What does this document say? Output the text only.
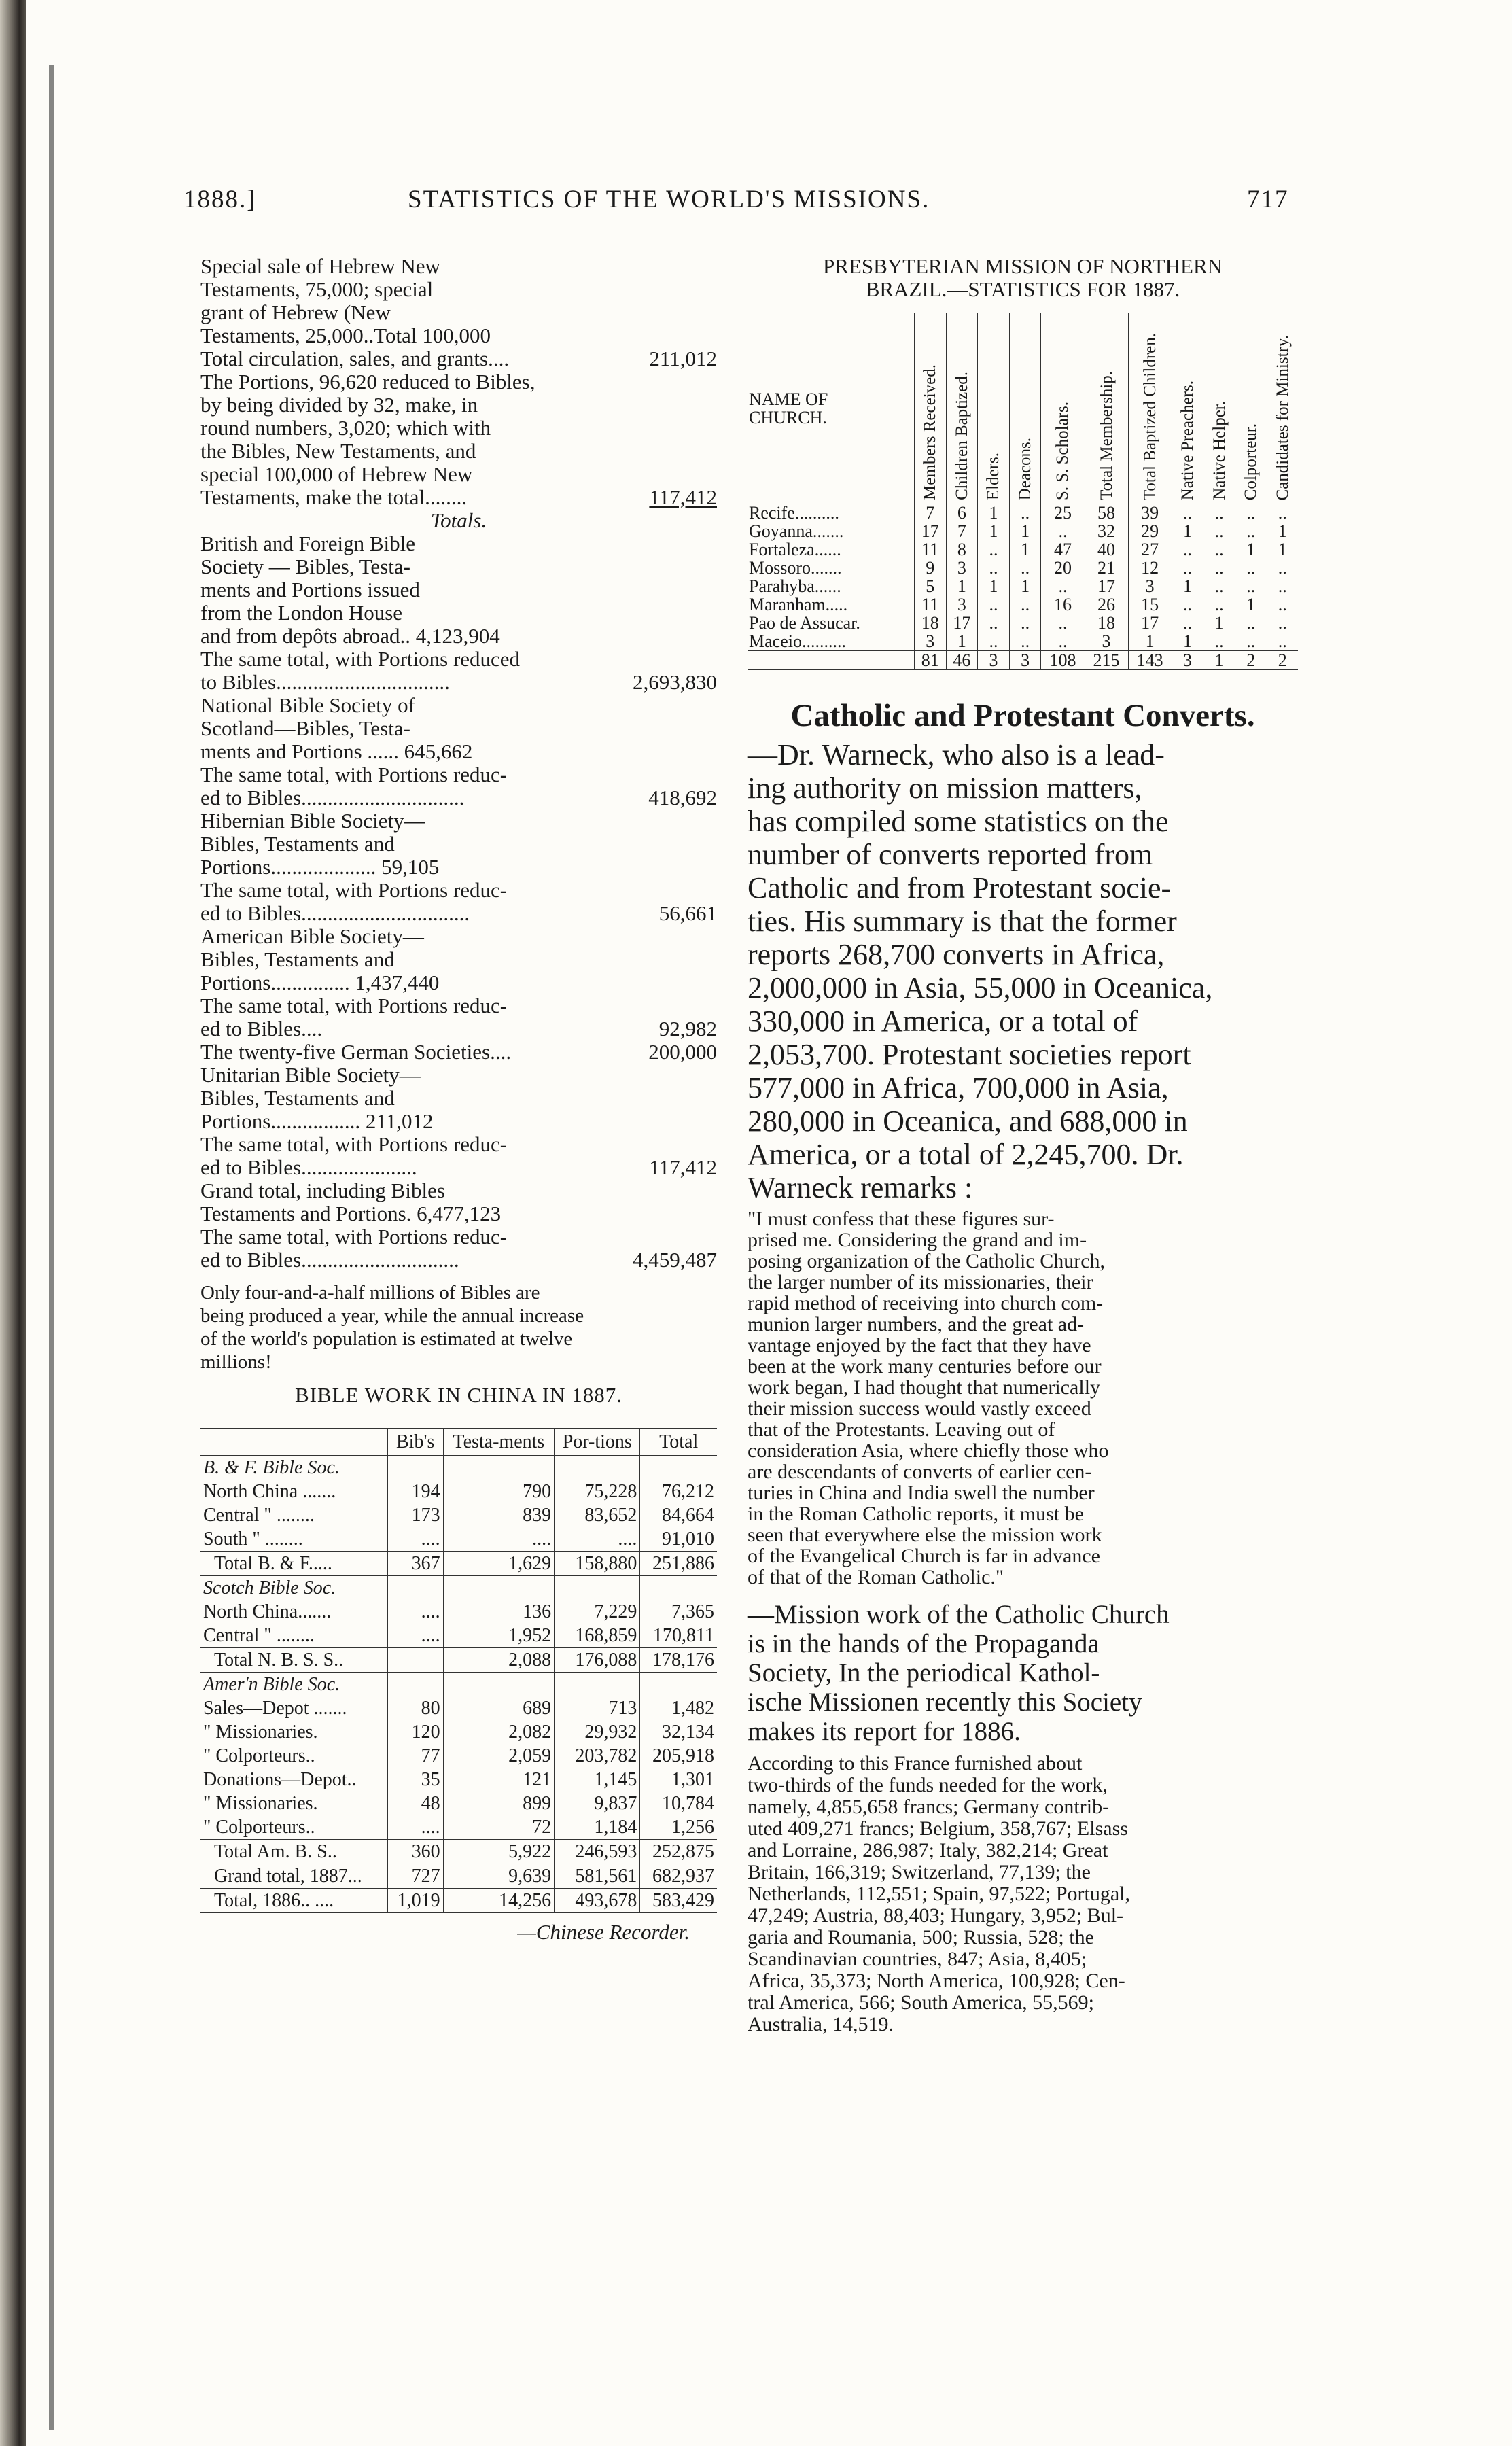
1888.]	STATISTICS OF THE WORLD'S MISSIONS.	717
Special sale of Hebrew New
Testaments, 75,000; special
grant of Hebrew (New
Testaments, 25,000..Total 100,000
Total circulation, sales, and grants....	211,012
The Portions, 96,620 reduced to Bibles,
by being divided by 32, make, in
round numbers, 3,020; which with
the Bibles, New Testaments, and
special 100,000 of Hebrew New
Testaments, make the total........	117,412
Totals.
British and Foreign Bible
Society — Bibles, Testa-
ments and Portions issued
from the London House
and from depôts abroad.. 4,123,904
The same total, with Portions reduced
to Bibles.................................	2,693,830
National Bible Society of
Scotland—Bibles, Testa-
ments and Portions ...... 645,662
The same total, with Portions reduc-
ed to Bibles...............................	418,692
Hibernian Bible Society—
Bibles, Testaments and
Portions.................... 59,105
The same total, with Portions reduc-
ed to Bibles................................	56,661
American Bible Society—
Bibles, Testaments and
Portions............... 1,437,440
The same total, with Portions reduc-
ed to Bibles....	92,982
The twenty-five German Societies....	200,000
Unitarian Bible Society—
Bibles, Testaments and
Portions................. 211,012
The same total, with Portions reduc-
ed to Bibles......................	117,412
Grand total, including Bibles
Testaments and Portions. 6,477,123
The same total, with Portions reduc-
ed to Bibles..............................	4,459,487
Only four-and-a-half millions of Bibles are
being produced a year, while the annual increase
of the world's population is estimated at twelve
millions!
BIBLE WORK IN CHINA IN 1887.
	Bib's	Testa-ments	Por-tions	Total
B. & F. Bible Soc.				
North China .......	194	790	75,228	76,212
Central " ........	173	839	83,652	84,664
South " ........	....	....	....	91,010
Total B. & F.....	367	1,629	158,880	251,886
Scotch Bible Soc.				
North China.......	....	136	7,229	7,365
Central " ........	....	1,952	168,859	170,811
Total N. B. S. S..		2,088	176,088	178,176
Amer'n Bible Soc.				
Sales—Depot .......	80	689	713	1,482
" Missionaries.	120	2,082	29,932	32,134
" Colporteurs..	77	2,059	203,782	205,918
Donations—Depot..	35	121	1,145	1,301
" Missionaries.	48	899	9,837	10,784
" Colporteurs..	....	72	1,184	1,256
Total Am. B. S..	360	5,922	246,593	252,875
Grand total, 1887...	727	9,639	581,561	682,937
Total, 1886.. ....	1,019	14,256	493,678	583,429
—Chinese Recorder.
PRESBYTERIAN MISSION OF NORTHERN
BRAZIL.—STATISTICS FOR 1887.
NAME OF
CHURCH.	Members Received.	Children Baptized.	Elders.	Deacons.	S. S. Scholars.	Total Membership.	Total Baptized Children.	Native Preachers.	Native Helper.	Colporteur.	Candidates for Ministry.
Recife..........	7	6	1	..	25	58	39	..	..	..	..
Goyanna.......	17	7	1	1	..	32	29	1	..	..	1
Fortaleza......	11	8	..	1	47	40	27	..	..	1	1
Mossoro.......	9	3	..	..	20	21	12	..	..	..	..
Parahyba......	5	1	1	1	..	17	3	1	..	..	..
Maranham.....	11	3	..	..	16	26	15	..	..	1	..
Pao de Assucar.	18	17	..	..	..	18	17	..	1	..	..
Maceio..........	3	1	..	..	..	3	1	1	..	..	..
	81	46	3	3	108	215	143	3	1	2	2
Catholic and Protestant Converts.
—Dr. Warneck, who also is a lead-
ing authority on mission matters,
has compiled some statistics on the
number of converts reported from
Catholic and from Protestant socie-
ties. His summary is that the former
reports 268,700 converts in Africa,
2,000,000 in Asia, 55,000 in Oceanica,
330,000 in America, or a total of
2,053,700. Protestant societies report
577,000 in Africa, 700,000 in Asia,
280,000 in Oceanica, and 688,000 in
America, or a total of 2,245,700. Dr.
Warneck remarks :
"I must confess that these figures sur-
prised me. Considering the grand and im-
posing organization of the Catholic Church,
the larger number of its missionaries, their
rapid method of receiving into church com-
munion larger numbers, and the great ad-
vantage enjoyed by the fact that they have
been at the work many centuries before our
work began, I had thought that numerically
their mission success would vastly exceed
that of the Protestants. Leaving out of
consideration Asia, where chiefly those who
are descendants of converts of earlier cen-
turies in China and India swell the number
in the Roman Catholic reports, it must be
seen that everywhere else the mission work
of the Evangelical Church is far in advance
of that of the Roman Catholic."
—Mission work of the Catholic Church
is in the hands of the Propaganda
Society, In the periodical Kathol-
ische Missionen recently this Society
makes its report for 1886.
According to this France furnished about
two-thirds of the funds needed for the work,
namely, 4,855,658 francs; Germany contrib-
uted 409,271 francs; Belgium, 358,767; Elsass
and Lorraine, 286,987; Italy, 382,214; Great
Britain, 166,319; Switzerland, 77,139; the
Netherlands, 112,551; Spain, 97,522; Portugal,
47,249; Austria, 88,403; Hungary, 3,952; Bul-
garia and Roumania, 500; Russia, 528; the
Scandinavian countries, 847; Asia, 8,405;
Africa, 35,373; North America, 100,928; Cen-
tral America, 566; South America, 55,569;
Australia, 14,519.
